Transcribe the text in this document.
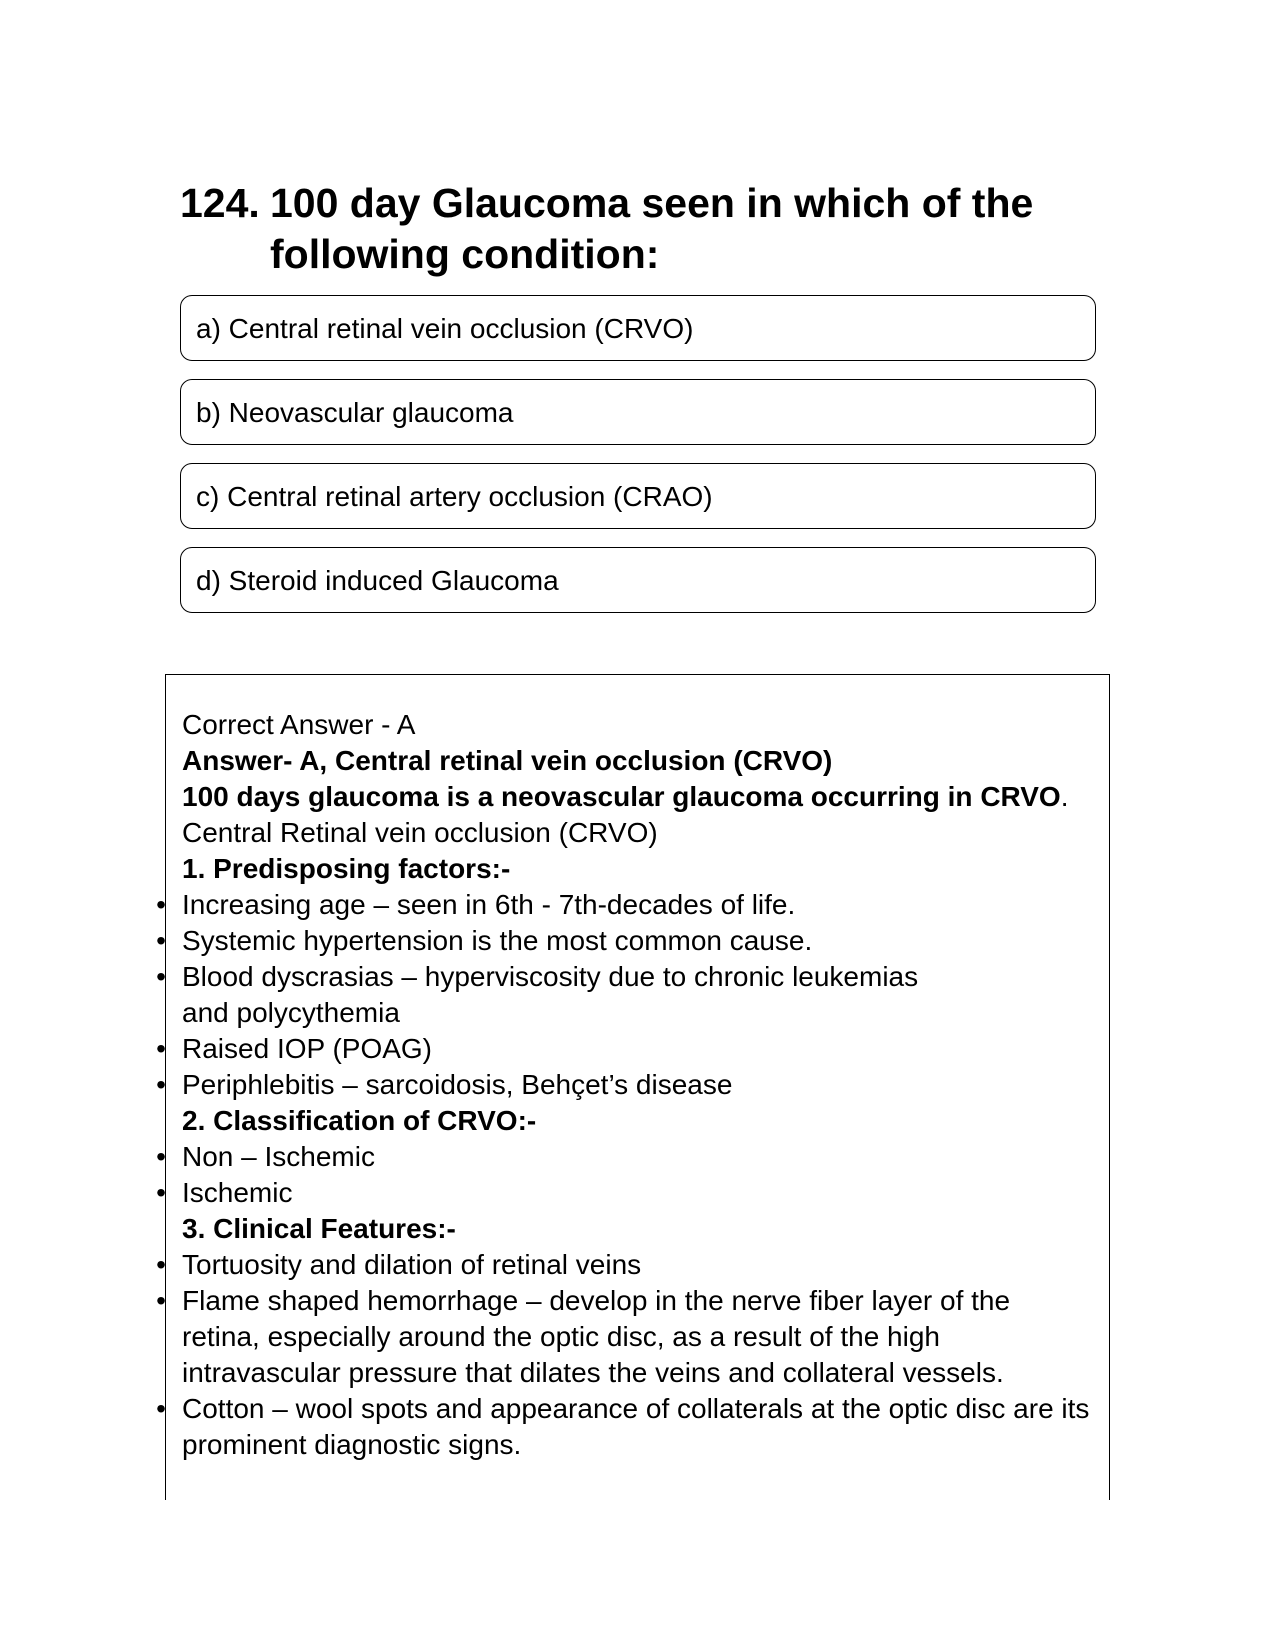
124. 100 day Glaucoma seen in which of the following condition:
a) Central retinal vein occlusion (CRVO)
b) Neovascular glaucoma
c) Central retinal artery occlusion (CRAO)
d) Steroid induced Glaucoma
Correct Answer - A
Answer- A, Central retinal vein occlusion (CRVO)
100 days glaucoma is a neovascular glaucoma occurring in CRVO.
Central Retinal vein occlusion (CRVO)
1. Predisposing factors:-
• Increasing age – seen in 6th - 7th-decades of life.
• Systemic hypertension is the most common cause.
• Blood dyscrasias – hyperviscosity due to chronic leukemias and polycythemia
• Raised IOP (POAG)
• Periphlebitis – sarcoidosis, Behçet’s disease
2. Classification of CRVO:-
• Non – Ischemic
• Ischemic
3. Clinical Features:-
• Tortuosity and dilation of retinal veins
• Flame shaped hemorrhage – develop in the nerve fiber layer of the retina, especially around the optic disc, as a result of the high intravascular pressure that dilates the veins and collateral vessels.
• Cotton – wool spots and appearance of collaterals at the optic disc are its prominent diagnostic signs.
